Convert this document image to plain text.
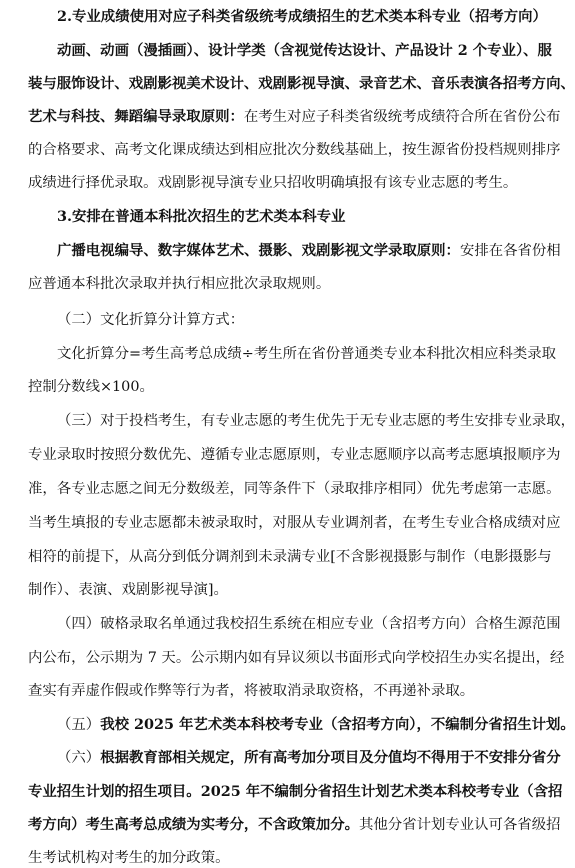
2.专业成绩使用对应子科类省级统考成绩招生的艺术类本科专业（招考方向）
动画、动画（漫插画）、设计学类（含视觉传达设计、产品设计 2 个专业）、服
装与服饰设计、戏剧影视美术设计、戏剧影视导演、录音艺术、音乐表演各招考方向、
艺术与科技、舞蹈编导录取原则：在考生对应子科类省级统考成绩符合所在省份公布
的合格要求、高考文化课成绩达到相应批次分数线基础上，按生源省份投档规则排序
成绩进行择优录取。戏剧影视导演专业只招收明确填报有该专业志愿的考生。
3.安排在普通本科批次招生的艺术类本科专业
广播电视编导、数字媒体艺术、摄影、戏剧影视文学录取原则：安排在各省份相
应普通本科批次录取并执行相应批次录取规则。
（二）文化折算分计算方式：
文化折算分=考生高考总成绩÷考生所在省份普通类专业本科批次相应科类录取
控制分数线×100。
（三）对于投档考生，有专业志愿的考生优先于无专业志愿的考生安排专业录取，
专业录取时按照分数优先、遵循专业志愿原则，专业志愿顺序以高考志愿填报顺序为
准，各专业志愿之间无分数级差，同等条件下（录取排序相同）优先考虑第一志愿。
当考生填报的专业志愿都未被录取时，对服从专业调剂者，在考生专业合格成绩对应
相符的前提下，从高分到低分调剂到未录满专业[不含影视摄影与制作（电影摄影与
制作）、表演、戏剧影视导演]。
（四）破格录取名单通过我校招生系统在相应专业（含招考方向）合格生源范围
内公布，公示期为 7 天。公示期内如有异议须以书面形式向学校招生办实名提出，经
查实有弄虚作假或作弊等行为者，将被取消录取资格，不再递补录取。
（五）我校 2025 年艺术类本科校考专业（含招考方向），不编制分省招生计划。
（六）根据教育部相关规定，所有高考加分项目及分值均不得用于不安排分省分
专业招生计划的招生项目。2025 年不编制分省招生计划艺术类本科校考专业（含招
考方向）考生高考总成绩为实考分，不含政策加分。其他分省计划专业认可各省级招
生考试机构对考生的加分政策。
